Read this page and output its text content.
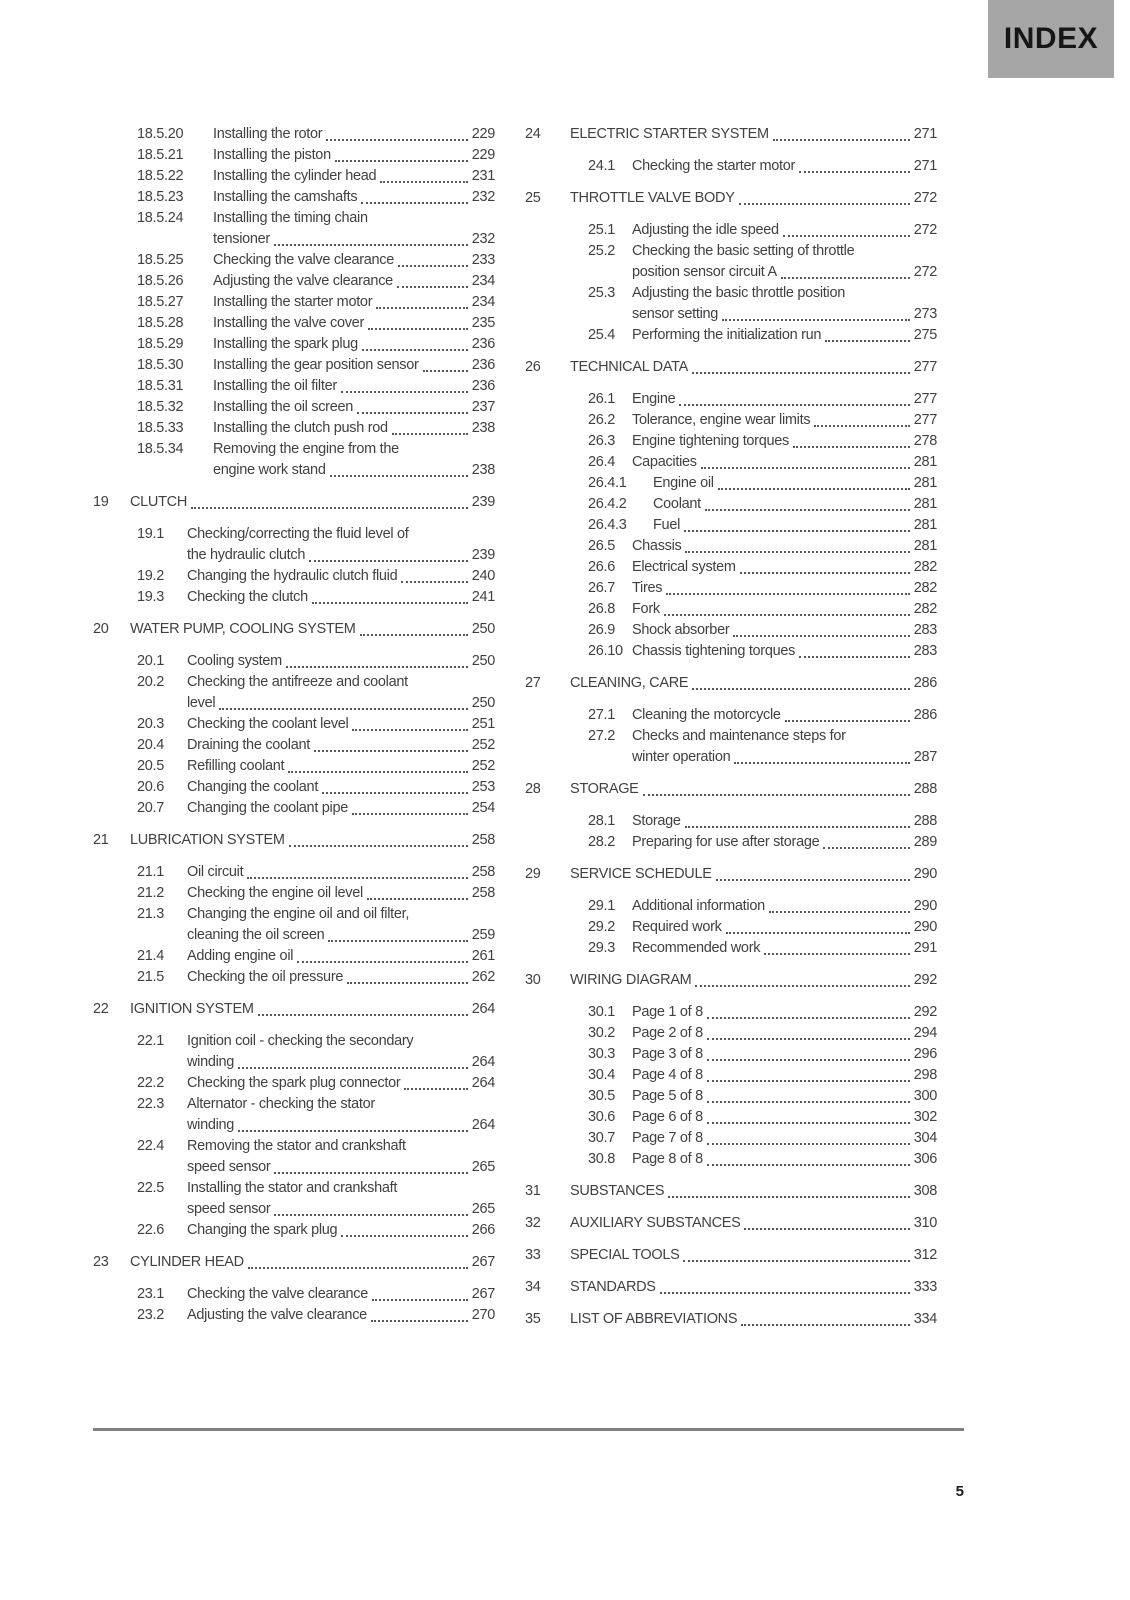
INDEX
18.5.20	Installing the rotor	229
18.5.21	Installing the piston	229
18.5.22	Installing the cylinder head	231
18.5.23	Installing the camshafts	232
18.5.24	Installing the timing chain
tensioner	232
18.5.25	Checking the valve clearance	233
18.5.26	Adjusting the valve clearance	234
18.5.27	Installing the starter motor	234
18.5.28	Installing the valve cover	235
18.5.29	Installing the spark plug	236
18.5.30	Installing the gear position sensor	236
18.5.31	Installing the oil filter	236
18.5.32	Installing the oil screen	237
18.5.33	Installing the clutch push rod	238
18.5.34	Removing the engine from the
engine work stand	238
19	CLUTCH	239
19.1	Checking/correcting the fluid level of
the hydraulic clutch	239
19.2	Changing the hydraulic clutch fluid	240
19.3	Checking the clutch	241
20	WATER PUMP, COOLING SYSTEM	250
20.1	Cooling system	250
20.2	Checking the antifreeze and coolant
level	250
20.3	Checking the coolant level	251
20.4	Draining the coolant	252
20.5	Refilling coolant	252
20.6	Changing the coolant	253
20.7	Changing the coolant pipe	254
21	LUBRICATION SYSTEM	258
21.1	Oil circuit	258
21.2	Checking the engine oil level	258
21.3	Changing the engine oil and oil filter,
cleaning the oil screen	259
21.4	Adding engine oil	261
21.5	Checking the oil pressure	262
22	IGNITION SYSTEM	264
22.1	Ignition coil - checking the secondary
winding	264
22.2	Checking the spark plug connector	264
22.3	Alternator - checking the stator
winding	264
22.4	Removing the stator and crankshaft
speed sensor	265
22.5	Installing the stator and crankshaft
speed sensor	265
22.6	Changing the spark plug	266
23	CYLINDER HEAD	267
23.1	Checking the valve clearance	267
23.2	Adjusting the valve clearance	270
24	ELECTRIC STARTER SYSTEM	271
24.1	Checking the starter motor	271
25	THROTTLE VALVE BODY	272
25.1	Adjusting the idle speed	272
25.2	Checking the basic setting of throttle
position sensor circuit A	272
25.3	Adjusting the basic throttle position
sensor setting	273
25.4	Performing the initialization run	275
26	TECHNICAL DATA	277
26.1	Engine	277
26.2	Tolerance, engine wear limits	277
26.3	Engine tightening torques	278
26.4	Capacities	281
26.4.1	Engine oil	281
26.4.2	Coolant	281
26.4.3	Fuel	281
26.5	Chassis	281
26.6	Electrical system	282
26.7	Tires	282
26.8	Fork	282
26.9	Shock absorber	283
26.10 Chassis tightening torques	283
27	CLEANING, CARE	286
27.1	Cleaning the motorcycle	286
27.2	Checks and maintenance steps for
winter operation	287
28	STORAGE	288
28.1	Storage	288
28.2	Preparing for use after storage	289
29	SERVICE SCHEDULE	290
29.1	Additional information	290
29.2	Required work	290
29.3	Recommended work	291
30	WIRING DIAGRAM	292
30.1	Page 1 of 8	292
30.2	Page 2 of 8	294
30.3	Page 3 of 8	296
30.4	Page 4 of 8	298
30.5	Page 5 of 8	300
30.6	Page 6 of 8	302
30.7	Page 7 of 8	304
30.8	Page 8 of 8	306
31	SUBSTANCES	308
32	AUXILIARY SUBSTANCES	310
33	SPECIAL TOOLS	312
34	STANDARDS	333
35	LIST OF ABBREVIATIONS	334
5
